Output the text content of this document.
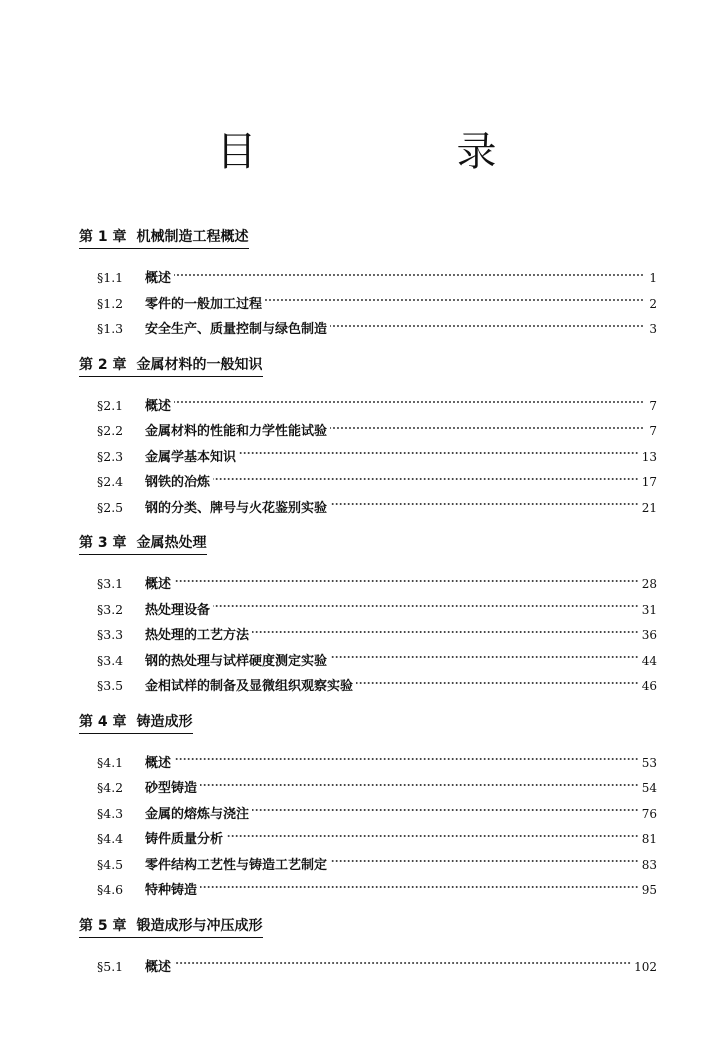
目　录
第 1 章 机械制造工程概述
§1.1	概述	1
§1.2	零件的一般加工过程	2
§1.3	安全生产、质量控制与绿色制造	3
第 2 章 金属材料的一般知识
§2.1	概述	7
§2.2	金属材料的性能和力学性能试验	7
§2.3	金属学基本知识	13
§2.4	钢铁的冶炼	17
§2.5	钢的分类、牌号与火花鉴别实验	21
第 3 章 金属热处理
§3.1	概述	28
§3.2	热处理设备	31
§3.3	热处理的工艺方法	36
§3.4	钢的热处理与试样硬度测定实验	44
§3.5	金相试样的制备及显微组织观察实验	46
第 4 章 铸造成形
§4.1	概述	53
§4.2	砂型铸造	54
§4.3	金属的熔炼与浇注	76
§4.4	铸件质量分析	81
§4.5	零件结构工艺性与铸造工艺制定	83
§4.6	特种铸造	95
第 5 章 锻造成形与冲压成形
§5.1	概述	102
